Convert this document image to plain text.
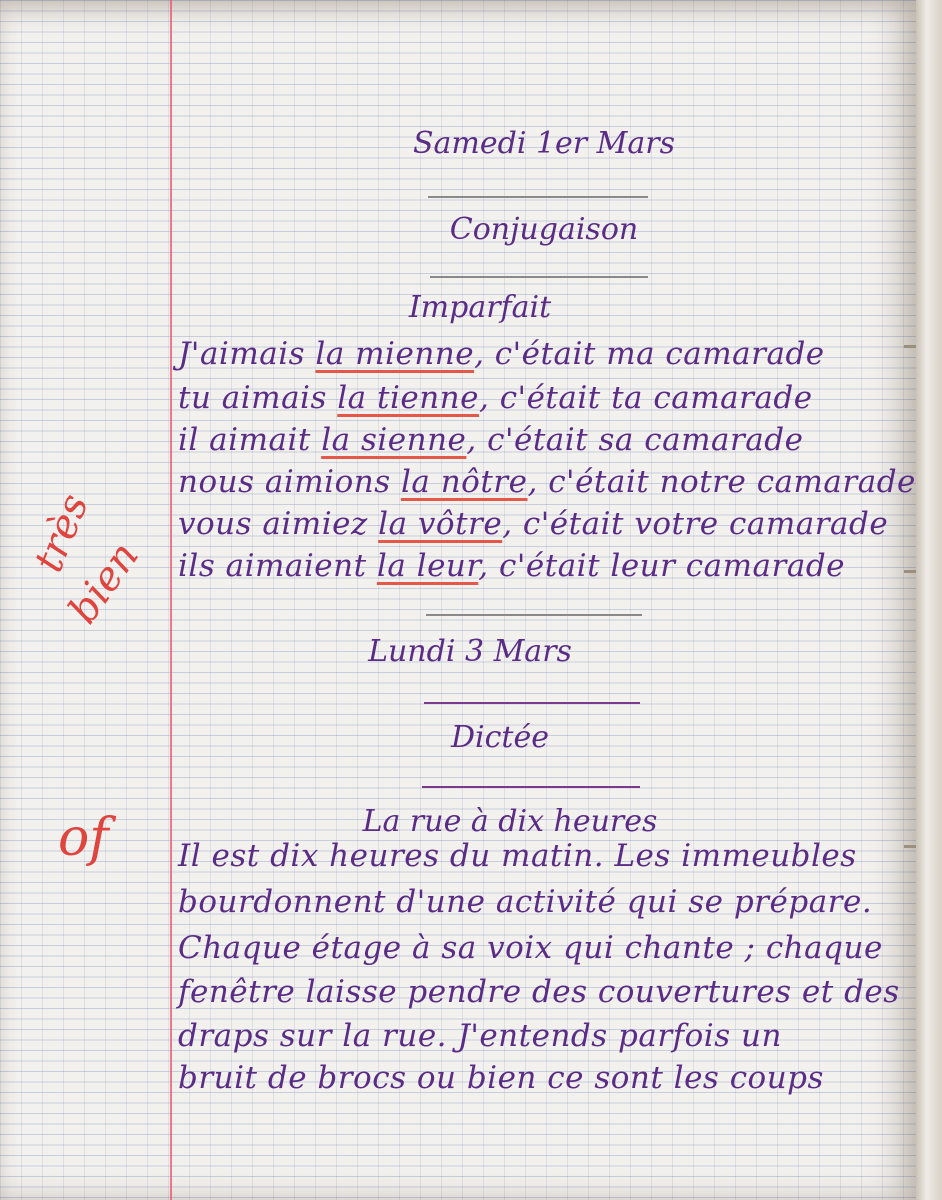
Samedi 1er Mars
Conjugaison
Imparfait
J'aimais la mienne, c'était ma camarade
tu aimais la tienne, c'était ta camarade
il aimait la sienne, c'était sa camarade
nous aimions la nôtre, c'était notre camarade
vous aimiez la vôtre, c'était votre camarade
ils aimaient la leur, c'était leur camarade
Lundi 3 Mars
Dictée
La rue à dix heures
Il est dix heures du matin. Les immeubles
bourdonnent d'une activité qui se prépare.
Chaque étage à sa voix qui chante ; chaque
fenêtre laisse pendre des couvertures et des
draps sur la rue. J'entends parfois un
bruit de brocs ou bien ce sont les coups
très
bien
of
